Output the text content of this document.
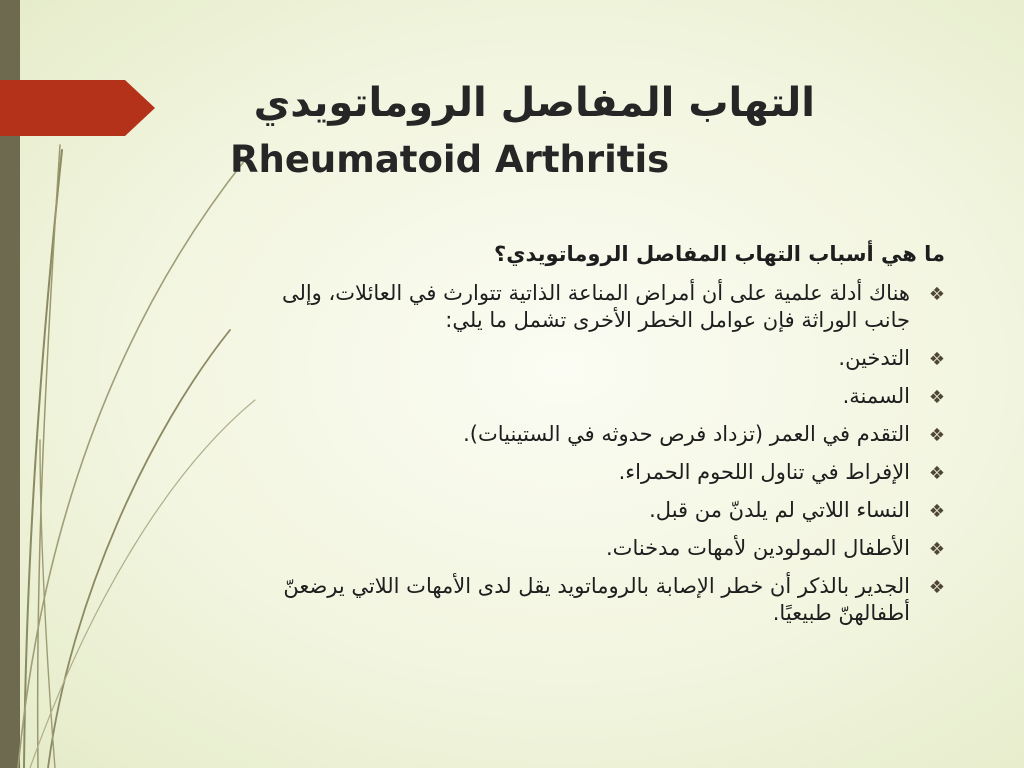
التهاب المفاصل الروماتويدي
Rheumatoid Arthritis

ما هي أسباب التهاب المفاصل الروماتويدي؟

❖
هناك أدلة علمية على أن أمراض المناعة الذاتية تتوارث في العائلات، وإلى جانب الوراثة فإن عوامل الخطر الأخرى تشمل ما يلي:
❖
التدخين.
❖
السمنة.
❖
التقدم في العمر (تزداد فرص حدوثه في الستينيات).
❖
الإفراط في تناول اللحوم الحمراء.
❖
النساء اللاتي لم يلدنّ من قبل.
❖
الأطفال المولودين لأمهات مدخنات.
❖
الجدير بالذكر أن خطر الإصابة بالروماتويد يقل لدى الأمهات اللاتي يرضعنّ أطفالهنّ طبيعيًا.
